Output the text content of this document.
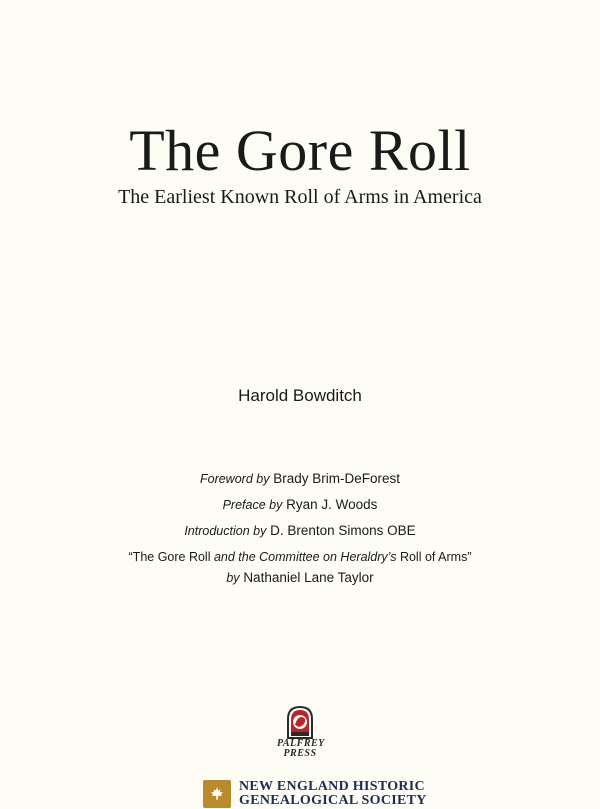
The Gore Roll
The Earliest Known Roll of Arms in America
Harold Bowditch
Foreword by Brady Brim-DeForest
Preface by Ryan J. Woods
Introduction by D. Brenton Simons OBE
“The Gore Roll and the Committee on Heraldry’s Roll of Arms”
by Nathaniel Lane Taylor
PALFREY
PRESS
NEW ENGLAND HISTORIC
GENEALOGICAL SOCIETY
